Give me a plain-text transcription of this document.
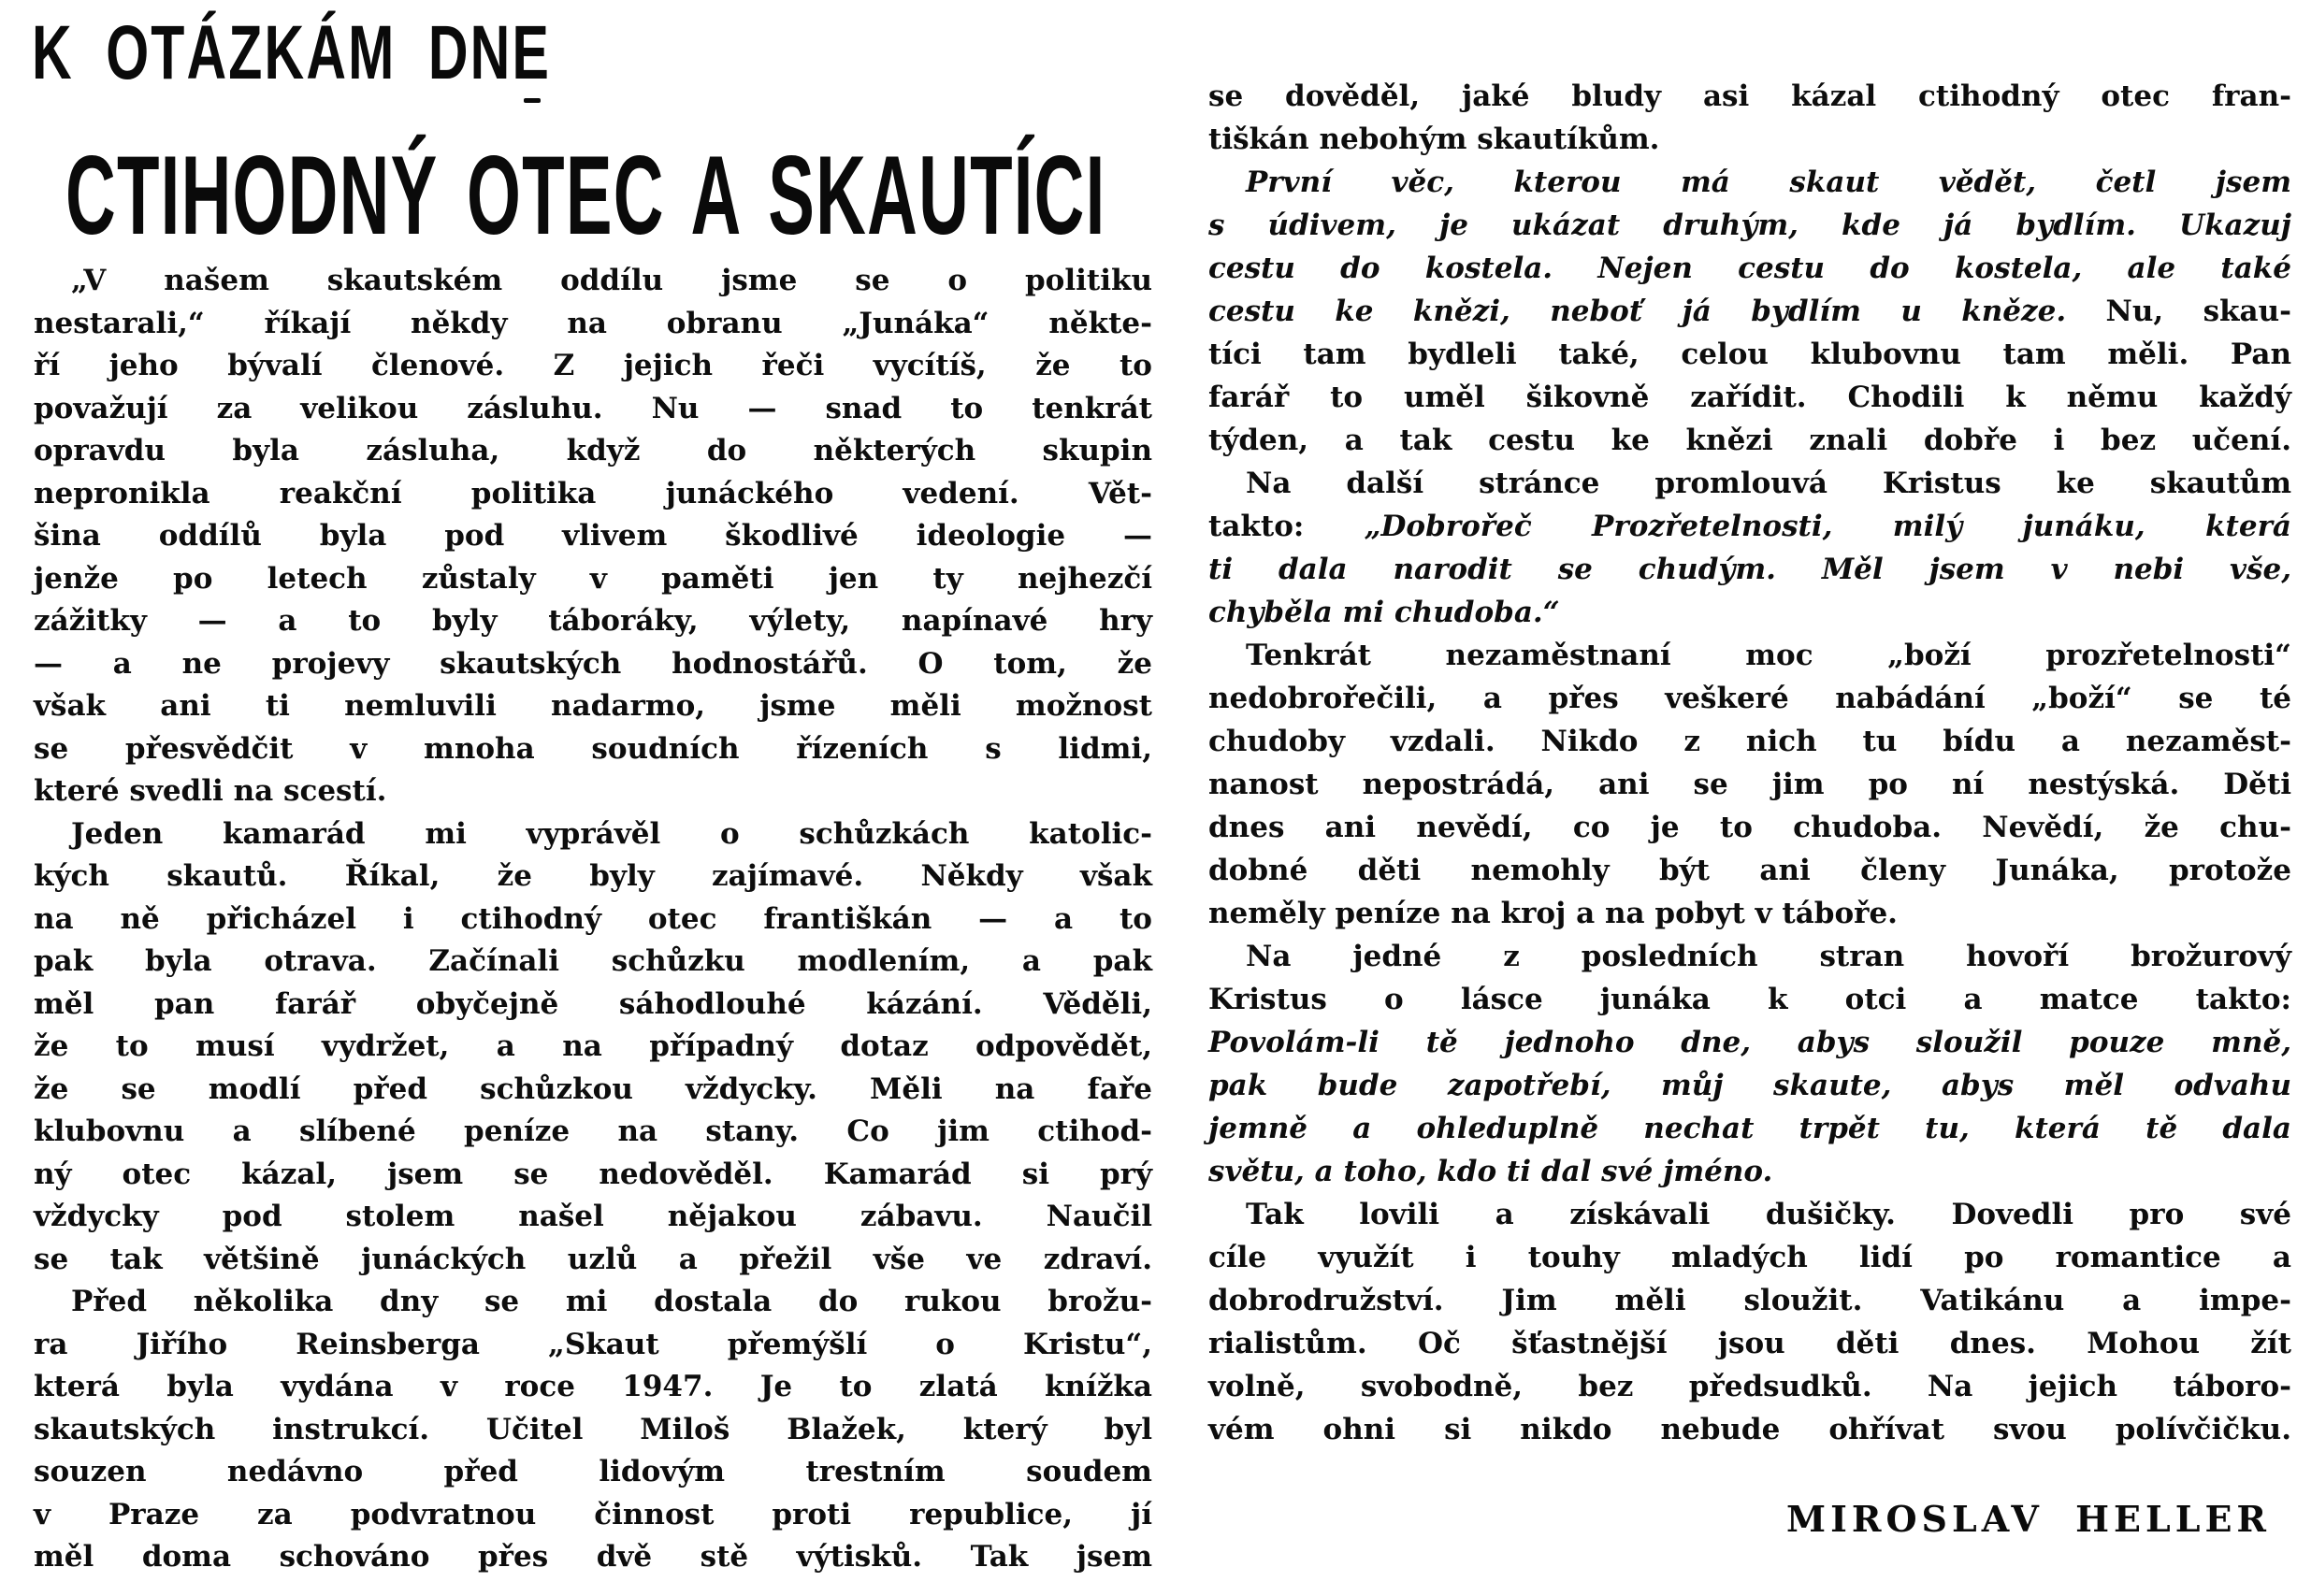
K OTÁZKÁM DNE
CTIHODNÝ OTEC A SKAUTÍCI
„V našem skautském oddílu jsme se o politiku
nestarali,“ říkají někdy na obranu „Junáka“ někte-
ří jeho bývalí členové. Z jejich řeči vycítíš, že to
považují za velikou zásluhu. Nu — snad to tenkrát
opravdu byla zásluha, když do některých skupin
nepronikla reakční politika junáckého vedení. Vět-
šina oddílů byla pod vlivem škodlivé ideologie —
jenže po letech zůstaly v paměti jen ty nejhezčí
zážitky — a to byly táboráky, výlety, napínavé hry
— a ne projevy skautských hodnostářů. O tom, že
však ani ti nemluvili nadarmo, jsme měli možnost
se přesvědčit v mnoha soudních řízeních s lidmi,
které svedli na scestí.
Jeden kamarád mi vyprávěl o schůzkách katolic-
kých skautů. Říkal, že byly zajímavé. Někdy však
na ně přicházel i ctihodný otec františkán — a to
pak byla otrava. Začínali schůzku modlením, a pak
měl pan farář obyčejně sáhodlouhé kázání. Věděli,
že to musí vydržet, a na případný dotaz odpovědět,
že se modlí před schůzkou vždycky. Měli na faře
klubovnu a slíbené peníze na stany. Co jim ctihod-
ný otec kázal, jsem se nedověděl. Kamarád si prý
vždycky pod stolem našel nějakou zábavu. Naučil
se tak většině junáckých uzlů a přežil vše ve zdraví.
Před několika dny se mi dostala do rukou brožu-
ra Jiřího Reinsberga „Skaut přemýšlí o Kristu“,
která byla vydána v roce 1947. Je to zlatá knížka
skautských instrukcí. Učitel Miloš Blažek, který byl
souzen nedávno před lidovým trestním soudem
v Praze za podvratnou činnost proti republice, jí
měl doma schováno přes dvě stě výtisků. Tak jsem
se dověděl, jaké bludy asi kázal ctihodný otec fran-
tiškán nebohým skautíkům.
První věc, kterou má skaut vědět, četl jsem
s údivem, je ukázat druhým, kde já bydlím. Ukazuj
cestu do kostela. Nejen cestu do kostela, ale také
cestu ke knězi, neboť já bydlím u kněze. Nu, skau-
tíci tam bydleli také, celou klubovnu tam měli. Pan
farář to uměl šikovně zařídit. Chodili k němu každý
týden, a tak cestu ke knězi znali dobře i bez učení.
Na další stránce promlouvá Kristus ke skautům
takto: „Dobrořeč Prozřetelnosti, milý junáku, která
ti dala narodit se chudým. Měl jsem v nebi vše,
chyběla mi chudoba.“
Tenkrát nezaměstnaní moc „boží prozřetelnosti“
nedobrořečili, a přes veškeré nabádání „boží“ se té
chudoby vzdali. Nikdo z nich tu bídu a nezaměst-
nanost nepostrádá, ani se jim po ní nestýská. Děti
dnes ani nevědí, co je to chudoba. Nevědí, že chu-
dobné děti nemohly být ani členy Junáka, protože
neměly peníze na kroj a na pobyt v táboře.
Na jedné z posledních stran hovoří brožurový
Kristus o lásce junáka k otci a matce takto:
Povolám-li tě jednoho dne, abys sloužil pouze mně,
pak bude zapotřebí, můj skaute, abys měl odvahu
jemně a ohleduplně nechat trpět tu, která tě dala
světu, a toho, kdo ti dal své jméno.
Tak lovili a získávali dušičky. Dovedli pro své
cíle využít i touhy mladých lidí po romantice a
dobrodružství. Jim měli sloužit. Vatikánu a impe-
rialistům. Oč šťastnější jsou děti dnes. Mohou žít
volně, svobodně, bez předsudků. Na jejich táboro-
vém ohni si nikdo nebude ohřívat svou polívčičku.
MIROSLAV HELLER
